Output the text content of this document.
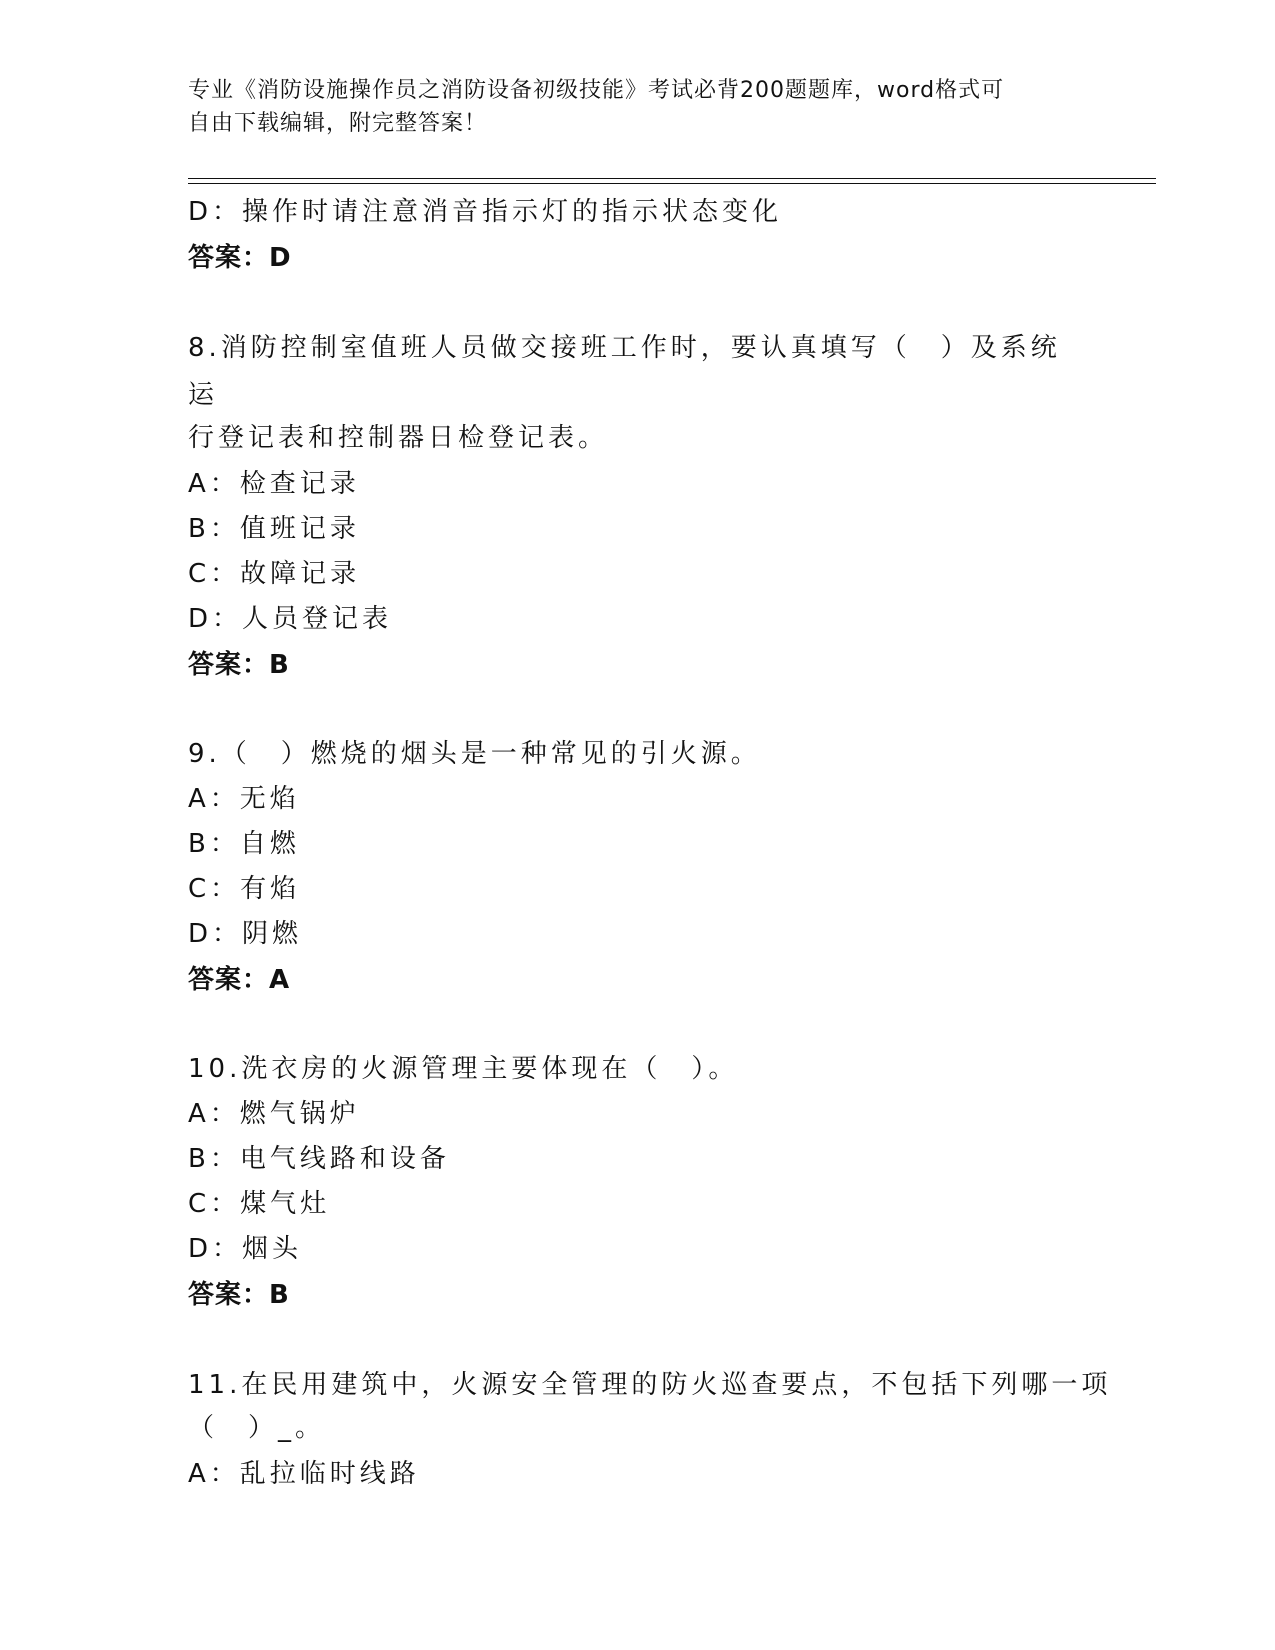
专业《消防设施操作员之消防设备初级技能》考试必背200题题库，word格式可
自由下载编辑，附完整答案！
D：操作时请注意消音指示灯的指示状态变化
答案：D
8.消防控制室值班人员做交接班工作时，要认真填写（　）及系统运
行登记表和控制器日检登记表。
A：检查记录
B：值班记录
C：故障记录
D：人员登记表
答案：B
9.（　）燃烧的烟头是一种常见的引火源。
A：无焰
B：自燃
C：有焰
D：阴燃
答案：A
10.洗衣房的火源管理主要体现在（　）。
A：燃气锅炉
B：电气线路和设备
C：煤气灶
D：烟头
答案：B
11.在民用建筑中，火源安全管理的防火巡查要点，不包括下列哪一项
（　）_。
A：乱拉临时线路
